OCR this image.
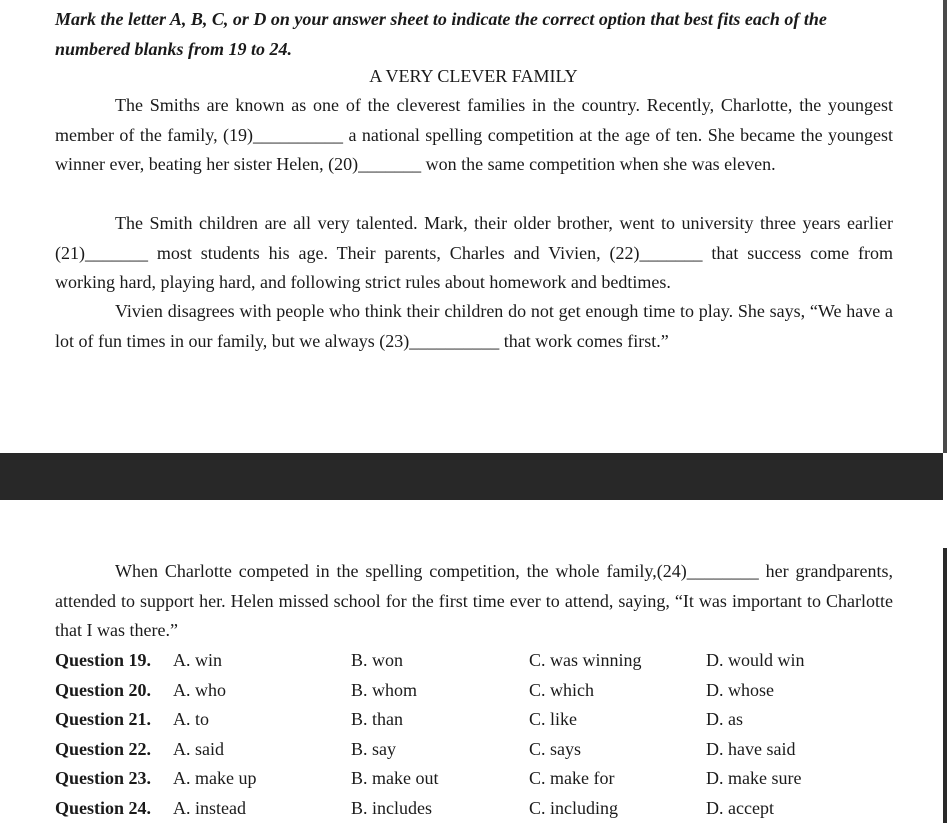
Mark the letter A, B, C, or D on your answer sheet to indicate the correct option that best fits each of the numbered blanks from 19 to 24.
A VERY CLEVER FAMILY

The Smiths are known as one of the cleverest families in the country. Recently, Charlotte, the youngest member of the family, (19)__________ a national spelling competition at the age of ten. She became the youngest winner ever, beating her sister Helen, (20)_______ won the same competition when she was eleven.

The Smith children are all very talented. Mark, their older brother, went to university three years earlier (21)_______ most students his age. Their parents, Charles and Vivien, (22)_______ that success come from working hard, playing hard, and following strict rules about homework and bedtimes.

Vivien disagrees with people who think their children do not get enough time to play. She says, “We have a lot of fun times in our family, but we always (23)__________ that work comes first.”

When Charlotte competed in the spelling competition, the whole family,(24)________ her grandparents, attended to support her. Helen missed school for the first time ever to attend, saying, “It was important to Charlotte that I was there.”

Question 19. A. win	B. won	C. was winning	D. would win
Question 20. A. who	B. whom	C. which	D. whose
Question 21. A. to	B. than	C. like	D. as
Question 22. A. said	B. say	C. says	D. have said
Question 23. A. make up	B. make out	C. make for	D. make sure
Question 24. A. instead	B. includes	C. including	D. accept
